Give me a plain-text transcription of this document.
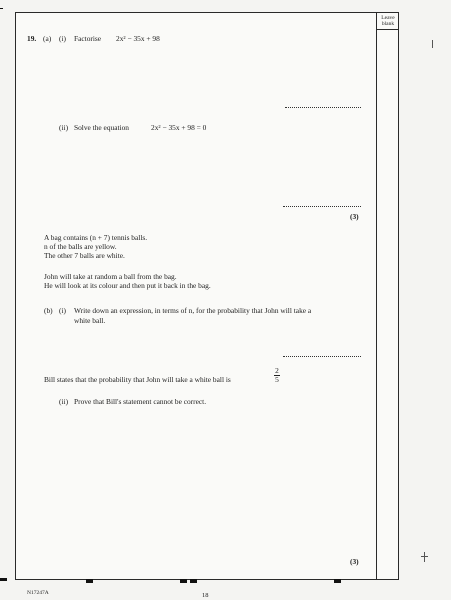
Leave blank
19. (a) (i) Factorise 2x² − 35x + 98
(ii) Solve the equation	2x² − 35x + 98 = 0
(3)
A bag contains (n + 7) tennis balls.
n of the balls are yellow.
The other 7 balls are white.
John will take at random a ball from the bag.
He will look at its colour and then put it back in the bag.
(b) (i) Write down an expression, in terms of n, for the probability that John will take a
white ball.
Bill states that the probability that John will take a white ball is
2
5
(ii) Prove that Bill's statement cannot be correct.
(3)
N17247A	18
